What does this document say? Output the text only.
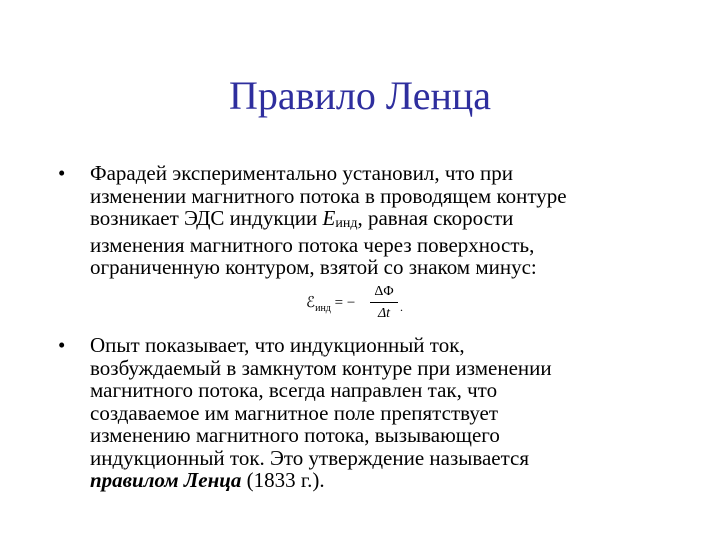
Правило Ленца
•	Фарадей экспериментально установил, что при
изменении магнитного потока в проводящем контуре
возникает ЭДС индукции Eинд, равная скорости
изменения магнитного потока через поверхность,
ограниченную контуром, взятой со знаком минус:
ℰ$_{инд}$ = −
ΔΦ
Δt .
•	Опыт показывает, что индукционный ток,
возбуждаемый в замкнутом контуре при изменении
магнитного потока, всегда направлен так, что
создаваемое им магнитное поле препятствует
изменению магнитного потока, вызывающего
индукционный ток. Это утверждение называется
правилом Ленца (1833 г.).
